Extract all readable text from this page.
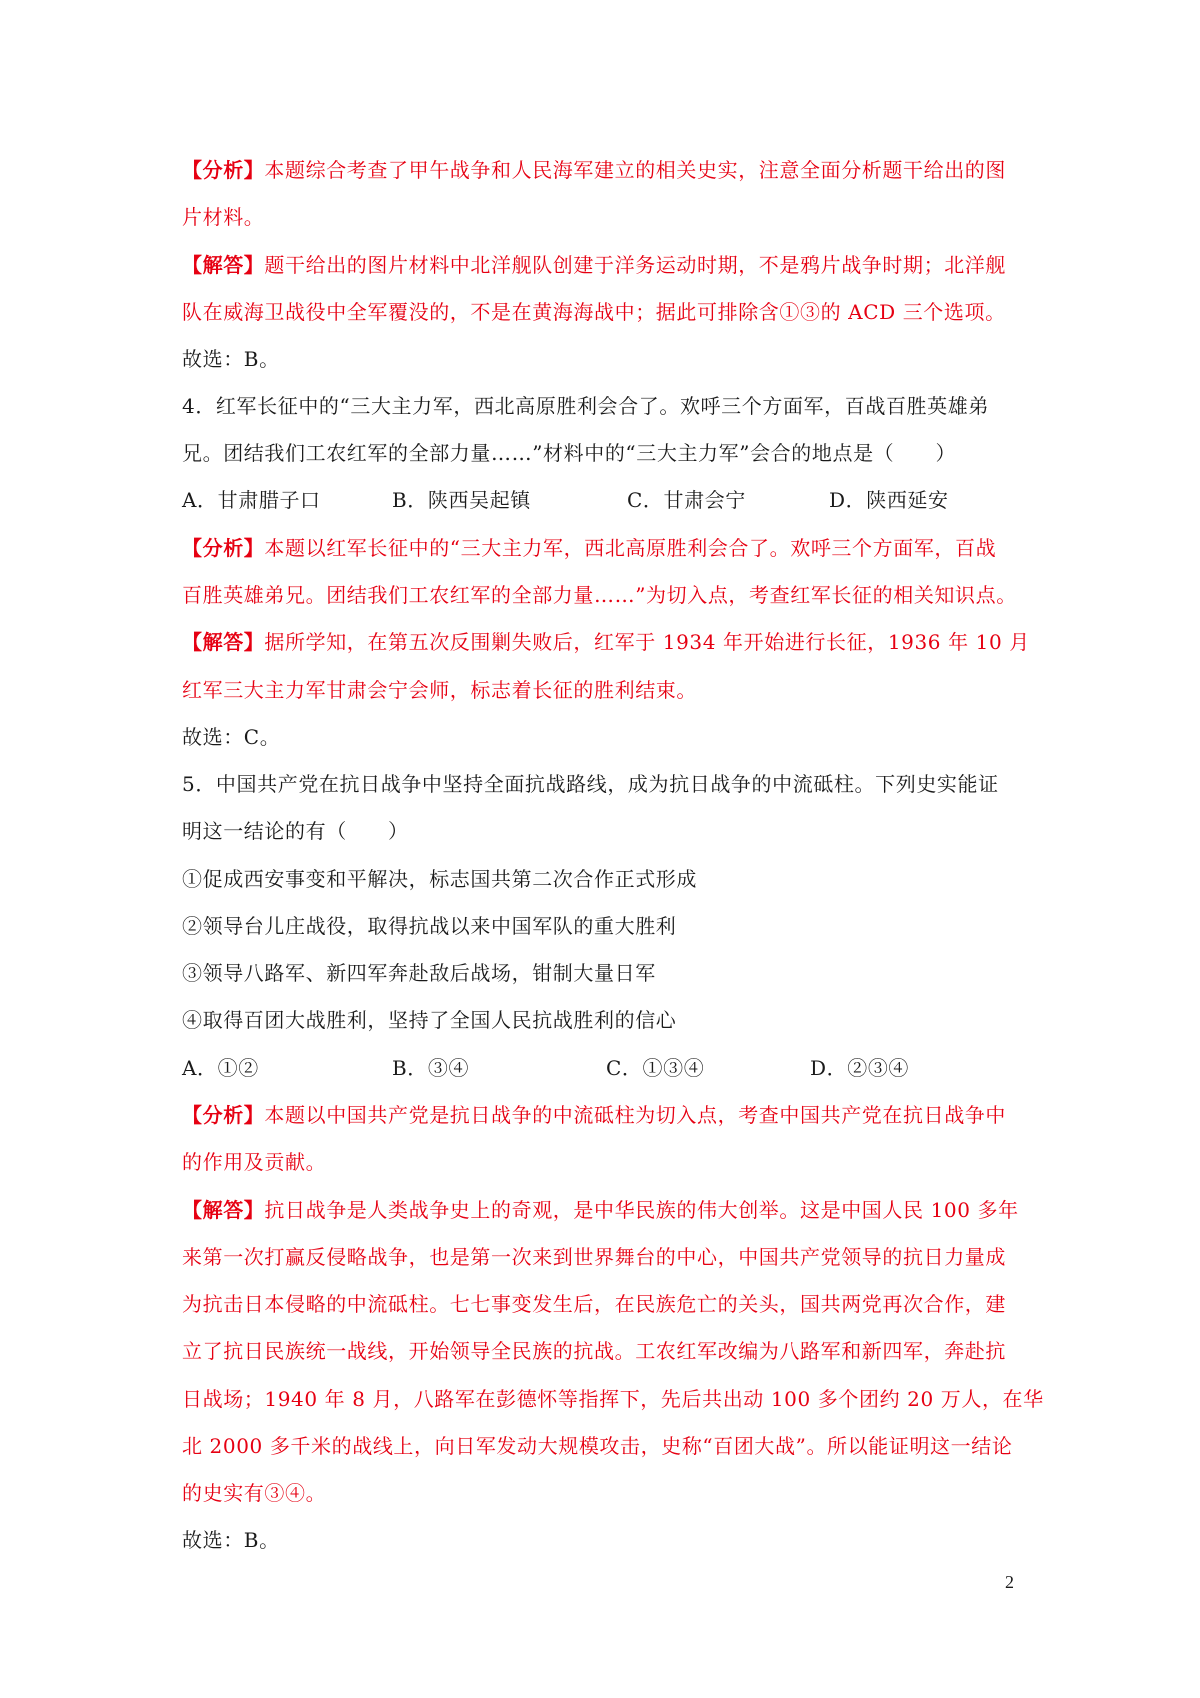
【分析】本题综合考查了甲午战争和人民海军建立的相关史实，注意全面分析题干给出的图
片材料。
【解答】题干给出的图片材料中北洋舰队创建于洋务运动时期，不是鸦片战争时期；北洋舰
队在威海卫战役中全军覆没的，不是在黄海海战中；据此可排除含①③的 ACD 三个选项。
故选：B。
4．红军长征中的“三大主力军，西北高原胜利会合了。欢呼三个方面军，百战百胜英雄弟
兄。团结我们工农红军的全部力量……”材料中的“三大主力军”会合的地点是（　　）
A．甘肃腊子口	B．陕西吴起镇	C．甘肃会宁	D．陕西延安
【分析】本题以红军长征中的“三大主力军，西北高原胜利会合了。欢呼三个方面军，百战
百胜英雄弟兄。团结我们工农红军的全部力量……”为切入点，考查红军长征的相关知识点。
【解答】据所学知，在第五次反围剿失败后，红军于 1934 年开始进行长征，1936 年 10 月
红军三大主力军甘肃会宁会师，标志着长征的胜利结束。
故选：C。
5．中国共产党在抗日战争中坚持全面抗战路线，成为抗日战争的中流砥柱。下列史实能证
明这一结论的有（　　）
①促成西安事变和平解决，标志国共第二次合作正式形成
②领导台儿庄战役，取得抗战以来中国军队的重大胜利
③领导八路军、新四军奔赴敌后战场，钳制大量日军
④取得百团大战胜利，坚持了全国人民抗战胜利的信心
A．①②	B．③④	C．①③④	D．②③④
【分析】本题以中国共产党是抗日战争的中流砥柱为切入点，考查中国共产党在抗日战争中
的作用及贡献。
【解答】抗日战争是人类战争史上的奇观，是中华民族的伟大创举。这是中国人民 100 多年
来第一次打赢反侵略战争，也是第一次来到世界舞台的中心，中国共产党领导的抗日力量成
为抗击日本侵略的中流砥柱。七七事变发生后，在民族危亡的关头，国共两党再次合作，建
立了抗日民族统一战线，开始领导全民族的抗战。工农红军改编为八路军和新四军，奔赴抗
日战场；1940 年 8 月，八路军在彭德怀等指挥下，先后共出动 100 多个团约 20 万人，在华
北 2000 多千米的战线上，向日军发动大规模攻击，史称“百团大战”。所以能证明这一结论
的史实有③④。
故选：B。
2
